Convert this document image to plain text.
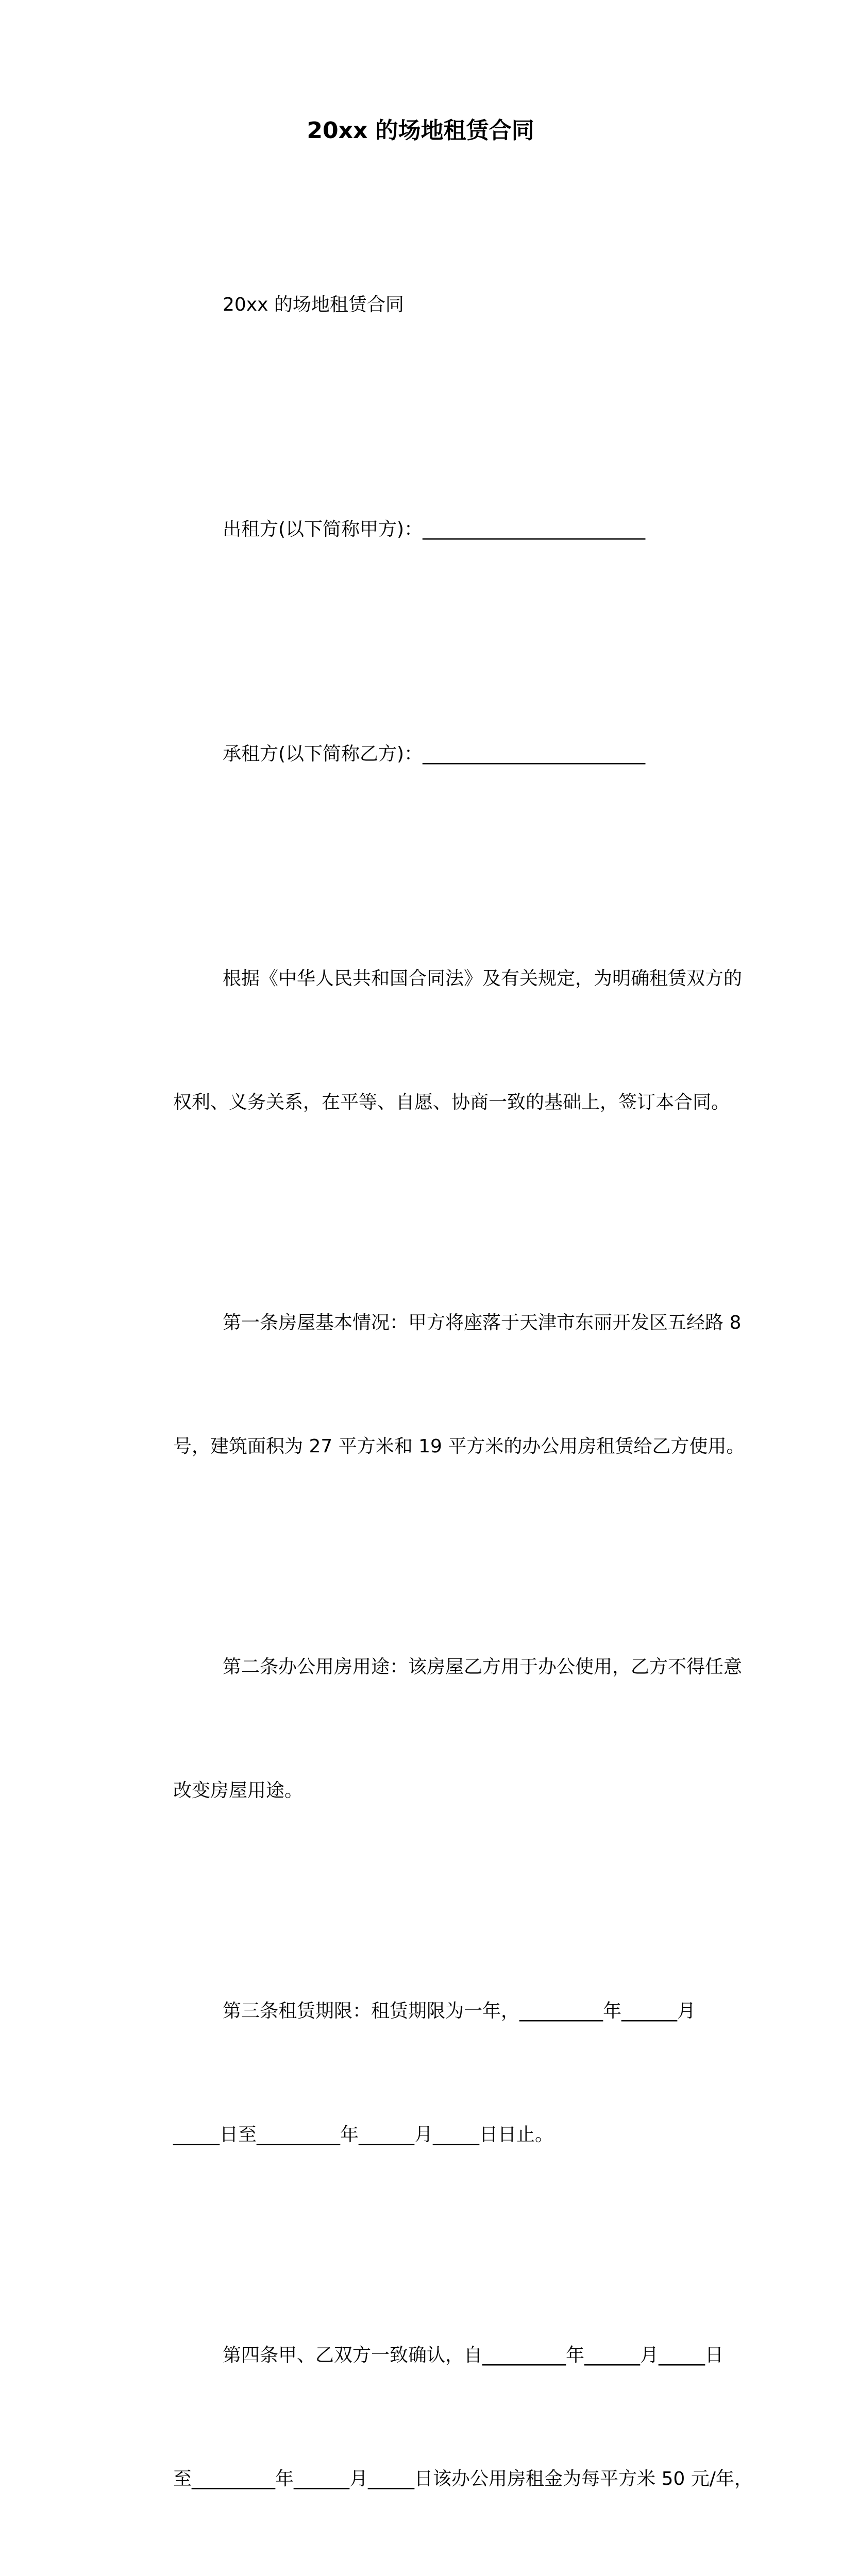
20xx 的场地租赁合同

20xx 的场地租赁合同

出租方(以下简称甲方)：________________________

承租方(以下简称乙方)：________________________

根据《中华人民共和国合同法》及有关规定，为明确租赁双方的

权利、义务关系，在平等、自愿、协商一致的基础上，签订本合同。

第一条房屋基本情况：甲方将座落于天津市东丽开发区五经路 8

号，建筑面积为 27 平方米和 19 平方米的办公用房租赁给乙方使用。

第二条办公用房用途：该房屋乙方用于办公使用，乙方不得任意

改变房屋用途。

第三条租赁期限：租赁期限为一年，_________年______月

_____日至_________年______月_____日日止。

第四条甲、乙双方一致确认，自_________年______月_____日

至_________年______月_____日该办公用房租金为每平方米 50 元/年，
